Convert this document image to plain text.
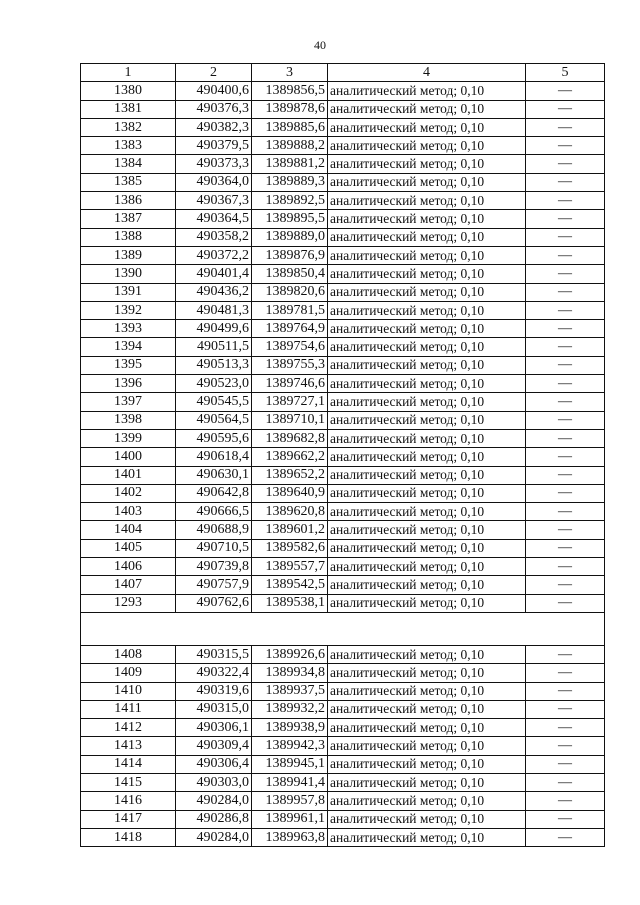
40
1	2	3	4	5
1380	490400,6	1389856,5	аналитический метод; 0,10	—
1381	490376,3	1389878,6	аналитический метод; 0,10	—
1382	490382,3	1389885,6	аналитический метод; 0,10	—
1383	490379,5	1389888,2	аналитический метод; 0,10	—
1384	490373,3	1389881,2	аналитический метод; 0,10	—
1385	490364,0	1389889,3	аналитический метод; 0,10	—
1386	490367,3	1389892,5	аналитический метод; 0,10	—
1387	490364,5	1389895,5	аналитический метод; 0,10	—
1388	490358,2	1389889,0	аналитический метод; 0,10	—
1389	490372,2	1389876,9	аналитический метод; 0,10	—
1390	490401,4	1389850,4	аналитический метод; 0,10	—
1391	490436,2	1389820,6	аналитический метод; 0,10	—
1392	490481,3	1389781,5	аналитический метод; 0,10	—
1393	490499,6	1389764,9	аналитический метод; 0,10	—
1394	490511,5	1389754,6	аналитический метод; 0,10	—
1395	490513,3	1389755,3	аналитический метод; 0,10	—
1396	490523,0	1389746,6	аналитический метод; 0,10	—
1397	490545,5	1389727,1	аналитический метод; 0,10	—
1398	490564,5	1389710,1	аналитический метод; 0,10	—
1399	490595,6	1389682,8	аналитический метод; 0,10	—
1400	490618,4	1389662,2	аналитический метод; 0,10	—
1401	490630,1	1389652,2	аналитический метод; 0,10	—
1402	490642,8	1389640,9	аналитический метод; 0,10	—
1403	490666,5	1389620,8	аналитический метод; 0,10	—
1404	490688,9	1389601,2	аналитический метод; 0,10	—
1405	490710,5	1389582,6	аналитический метод; 0,10	—
1406	490739,8	1389557,7	аналитический метод; 0,10	—
1407	490757,9	1389542,5	аналитический метод; 0,10	—
1293	490762,6	1389538,1	аналитический метод; 0,10	—

1408	490315,5	1389926,6	аналитический метод; 0,10	—
1409	490322,4	1389934,8	аналитический метод; 0,10	—
1410	490319,6	1389937,5	аналитический метод; 0,10	—
1411	490315,0	1389932,2	аналитический метод; 0,10	—
1412	490306,1	1389938,9	аналитический метод; 0,10	—
1413	490309,4	1389942,3	аналитический метод; 0,10	—
1414	490306,4	1389945,1	аналитический метод; 0,10	—
1415	490303,0	1389941,4	аналитический метод; 0,10	—
1416	490284,0	1389957,8	аналитический метод; 0,10	—
1417	490286,8	1389961,1	аналитический метод; 0,10	—
1418	490284,0	1389963,8	аналитический метод; 0,10	—
